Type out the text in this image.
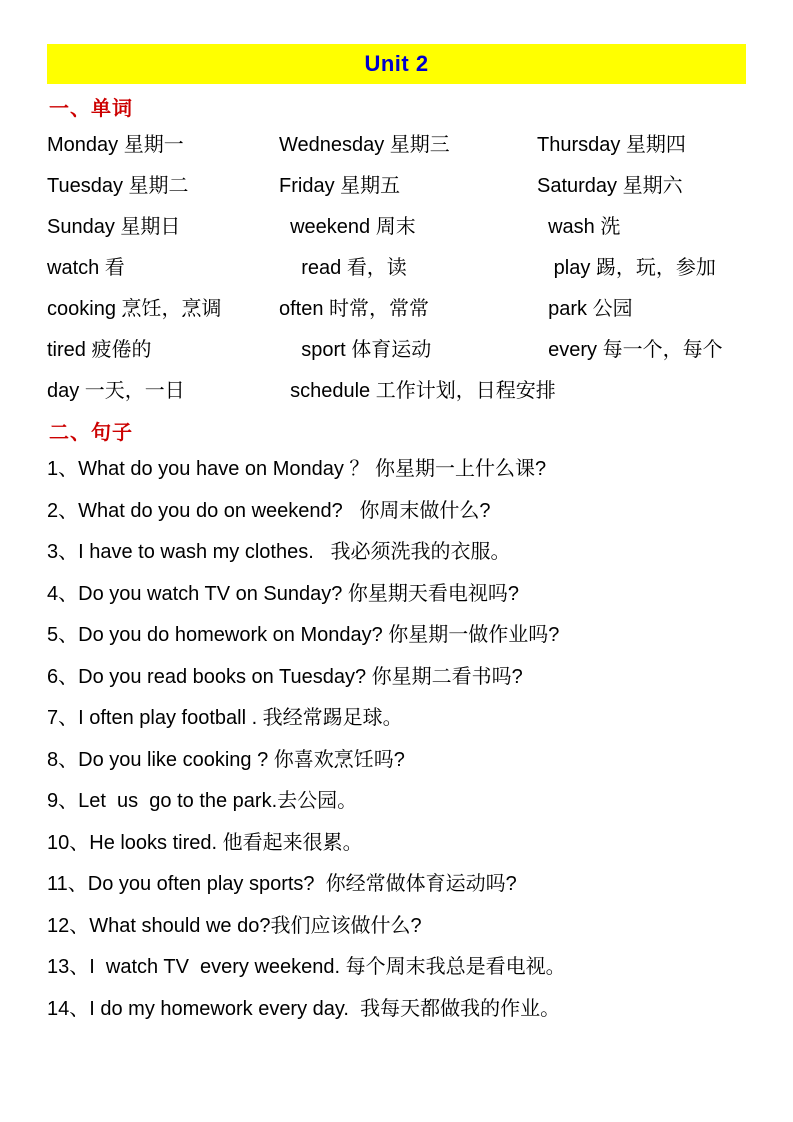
Unit 2
一、单词
Monday 星期一	Wednesday 星期三	Thursday 星期四
Tuesday 星期二	Friday 星期五	Saturday 星期六
Sunday 星期日	weekend 周末	wash 洗
watch 看	read 看，读	play 踢，玩，参加
cooking 烹饪，烹调	often 时常，常常	park 公园
tired 疲倦的	sport 体育运动	every 每一个，每个
day 一天，一日	schedule 工作计划，日程安排
二、句子
1、What do you have on Monday ？ 你星期一上什么课?
2、What do you do on weekend?   你周末做什么?
3、I have to wash my clothes.   我必须洗我的衣服。
4、Do you watch TV on Sunday? 你星期天看电视吗?
5、Do you do homework on Monday? 你星期一做作业吗?
6、Do you read books on Tuesday? 你星期二看书吗?
7、I often play football . 我经常踢足球。
8、Do you like cooking ? 你喜欢烹饪吗?
9、Let  us  go to the park.去公园。
10、He looks tired. 他看起来很累。
11、Do you often play sports?  你经常做体育运动吗?
12、What should we do?我们应该做什么?
13、I  watch TV  every weekend. 每个周末我总是看电视。
14、I do my homework every day.  我每天都做我的作业。
